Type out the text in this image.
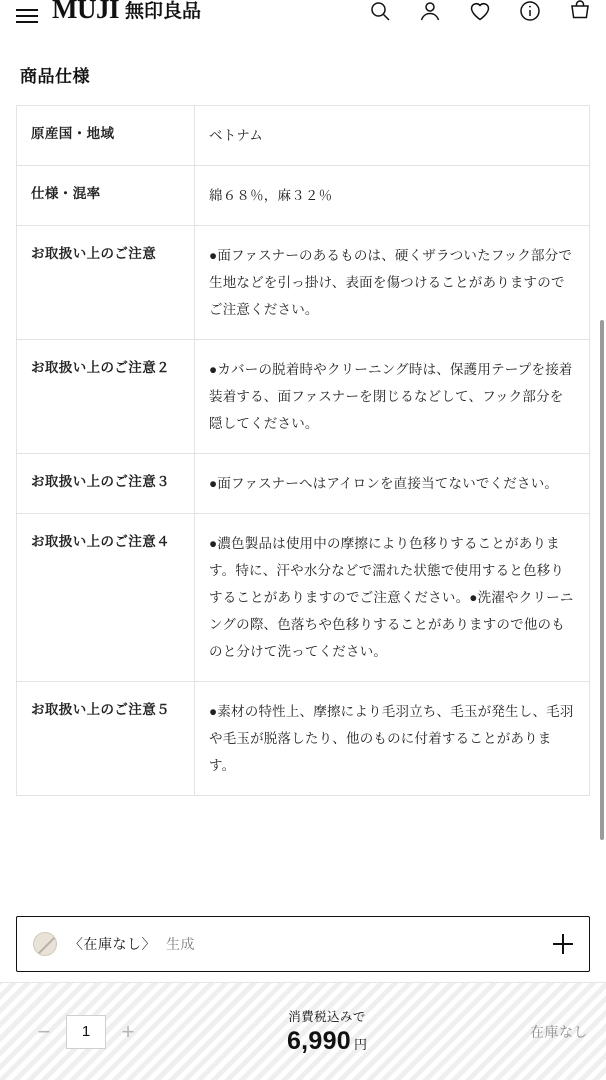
MUJI 無印良品
商品仕様
原産国・地域	ベトナム
仕様・混率	綿６８％，麻３２％
お取扱い上のご注意	●面ファスナーのあるものは、硬くザラついたフック部分で生地などを引っ掛け、表面を傷つけることがありますのでご注意ください。
お取扱い上のご注意２	●カバーの脱着時やクリーニング時は、保護用テープを接着装着する、面ファスナーを閉じるなどして、フック部分を隠してください。
お取扱い上のご注意３	●面ファスナーへはアイロンを直接当てないでください。
お取扱い上のご注意４	●濃色製品は使用中の摩擦により色移りすることがあります。特に、汗や水分などで濡れた状態で使用すると色移りすることがありますのでご注意ください。●洗濯やクリーニングの際、色落ちや色移りすることがありますので他のものと分けて洗ってください。
お取扱い上のご注意５	●素材の特性上、摩擦により毛羽立ち、毛玉が発生し、毛羽や毛玉が脱落したり、他のものに付着することがあります。
〈在庫なし〉 生成
−	1	+
消費税込みで
6,990 円
在庫なし
